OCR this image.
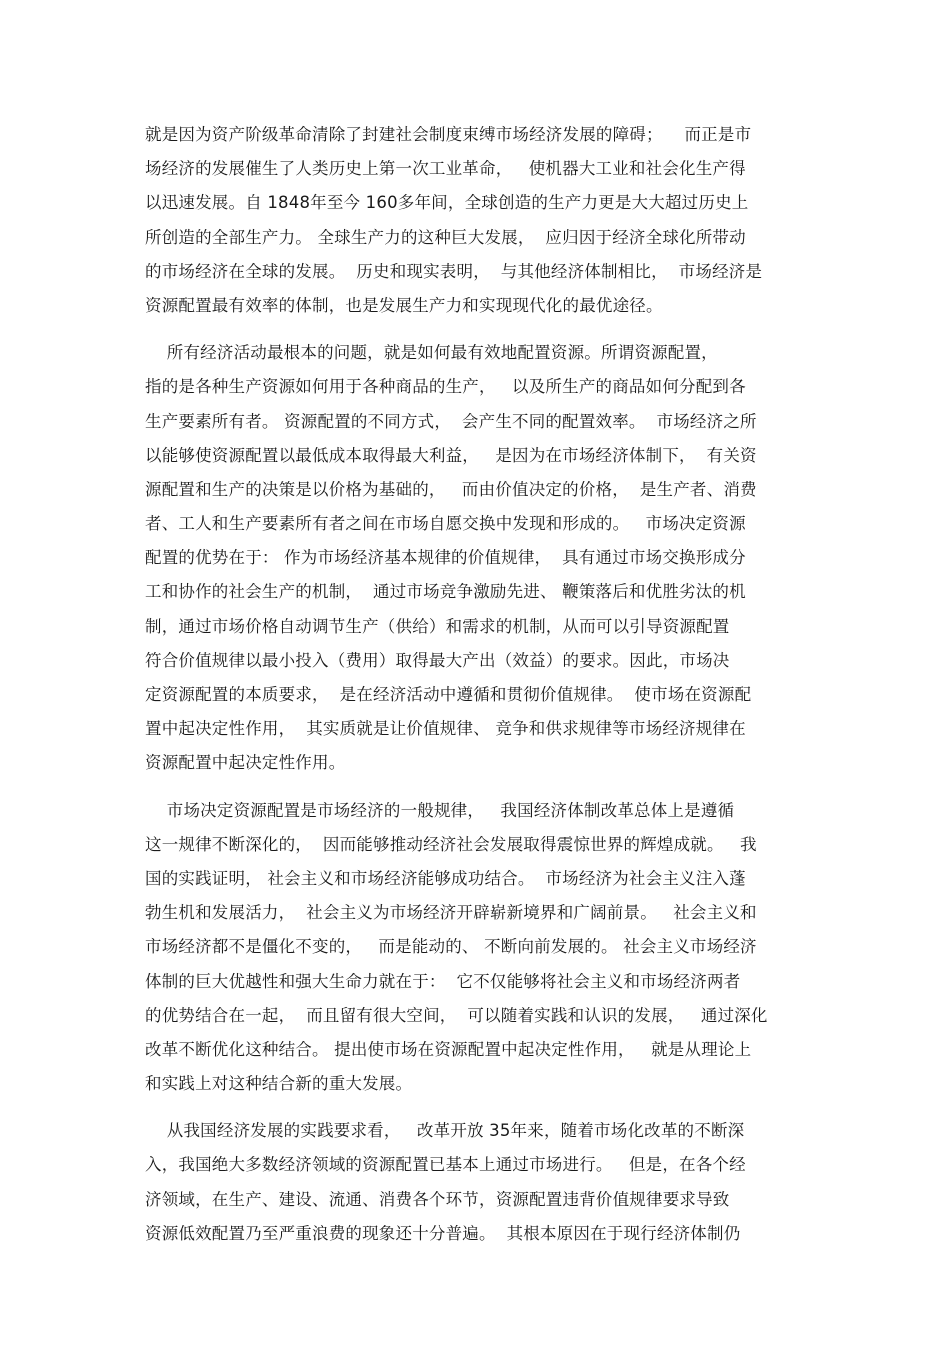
就是因为资产阶级革命清除了封建社会制度束缚市场经济发展的障碍；    而正是市
场经济的发展催生了人类历史上第一次工业革命，   使机器大工业和社会化生产得
以迅速发展。自 1848年至今 160多年间，全球创造的生产力更是大大超过历史上
所创造的全部生产力。 全球生产力的这种巨大发展，  应归因于经济全球化所带动
的市场经济在全球的发展。  历史和现实表明，  与其他经济体制相比，  市场经济是
资源配置最有效率的体制，也是发展生产力和实现现代化的最优途径。

所有经济活动最根本的问题，就是如何最有效地配置资源。所谓资源配置，
指的是各种生产资源如何用于各种商品的生产，   以及所生产的商品如何分配到各
生产要素所有者。 资源配置的不同方式，  会产生不同的配置效率。  市场经济之所
以能够使资源配置以最低成本取得最大利益，   是因为在市场经济体制下，  有关资
源配置和生产的决策是以价格为基础的，   而由价值决定的价格，  是生产者、消费
者、工人和生产要素所有者之间在市场自愿交换中发现和形成的。   市场决定资源
配置的优势在于： 作为市场经济基本规律的价值规律，  具有通过市场交换形成分
工和协作的社会生产的机制，  通过市场竞争激励先进、 鞭策落后和优胜劣汰的机
制，通过市场价格自动调节生产（供给）和需求的机制，从而可以引导资源配置
符合价值规律以最小投入（费用）取得最大产出（效益）的要求。因此，市场决
定资源配置的本质要求，  是在经济活动中遵循和贯彻价值规律。  使市场在资源配
置中起决定性作用，  其实质就是让价值规律、 竞争和供求规律等市场经济规律在
资源配置中起决定性作用。

市场决定资源配置是市场经济的一般规律，   我国经济体制改革总体上是遵循
这一规律不断深化的，  因而能够推动经济社会发展取得震惊世界的辉煌成就。   我
国的实践证明， 社会主义和市场经济能够成功结合。  市场经济为社会主义注入蓬
勃生机和发展活力，  社会主义为市场经济开辟崭新境界和广阔前景。   社会主义和
市场经济都不是僵化不变的，   而是能动的、 不断向前发展的。 社会主义市场经济
体制的巨大优越性和强大生命力就在于：  它不仅能够将社会主义和市场经济两者
的优势结合在一起，  而且留有很大空间，  可以随着实践和认识的发展，   通过深化
改革不断优化这种结合。 提出使市场在资源配置中起决定性作用，   就是从理论上
和实践上对这种结合新的重大发展。

从我国经济发展的实践要求看，   改革开放 35年来，随着市场化改革的不断深
入，我国绝大多数经济领域的资源配置已基本上通过市场进行。   但是，在各个经
济领域，在生产、建设、流通、消费各个环节，资源配置违背价值规律要求导致
资源低效配置乃至严重浪费的现象还十分普遍。  其根本原因在于现行经济体制仍
